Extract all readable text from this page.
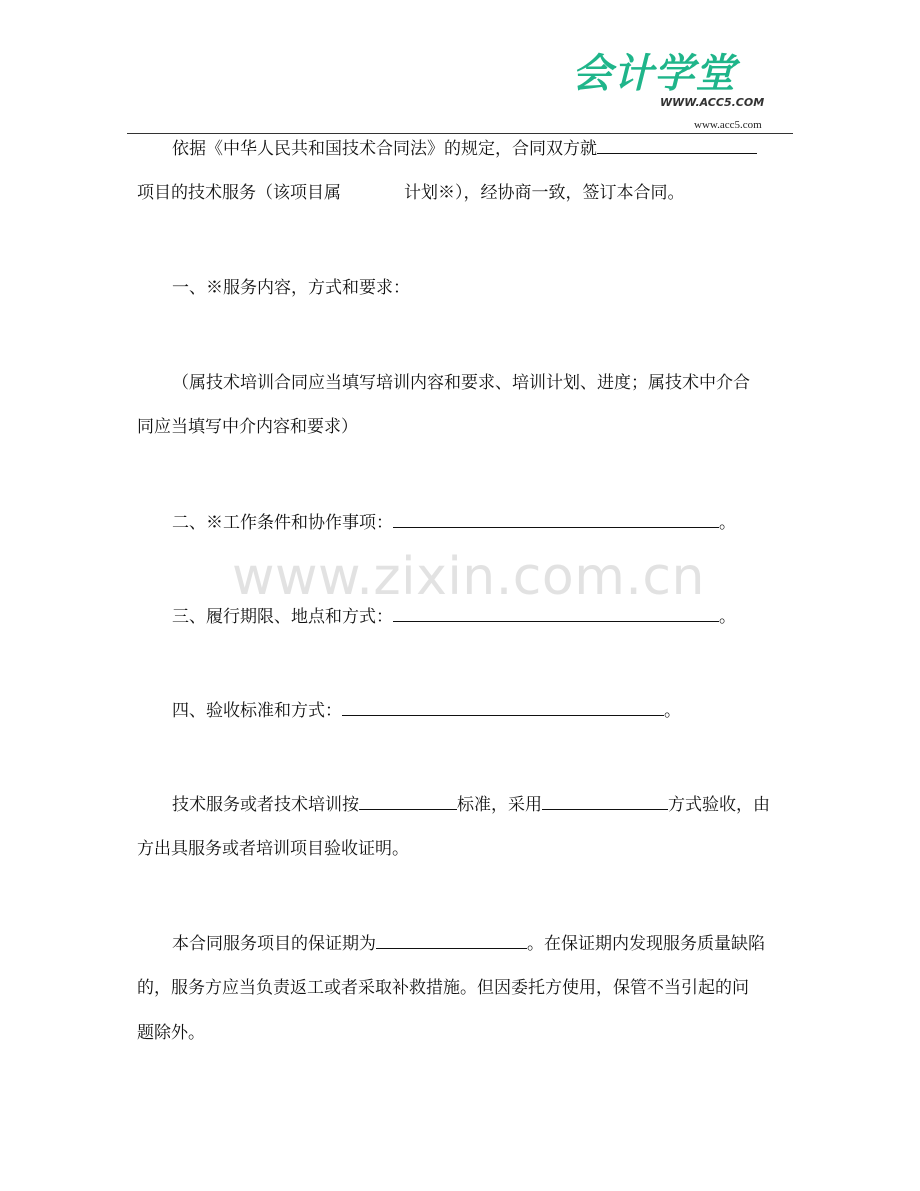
会计学堂
WWW.ACC5.COM
www.acc5.com
www.zixin.com.cn
依据《中华人民共和国技术合同法》的规定，合同双方就
项目的技术服务（该项目属	计划※），经协商一致，签订本合同。
一、※服务内容，方式和要求：
（属技术培训合同应当填写培训内容和要求、培训计划、进度；属技术中介合
同应当填写中介内容和要求）
二、※工作条件和协作事项：	。
三、履行期限、地点和方式：	。
四、验收标准和方式：	。
技术服务或者技术培训按	标准，采用	方式验收，由
方出具服务或者培训项目验收证明。
本合同服务项目的保证期为	。在保证期内发现服务质量缺陷
的，服务方应当负责返工或者采取补救措施。但因委托方使用，保管不当引起的问
题除外。
